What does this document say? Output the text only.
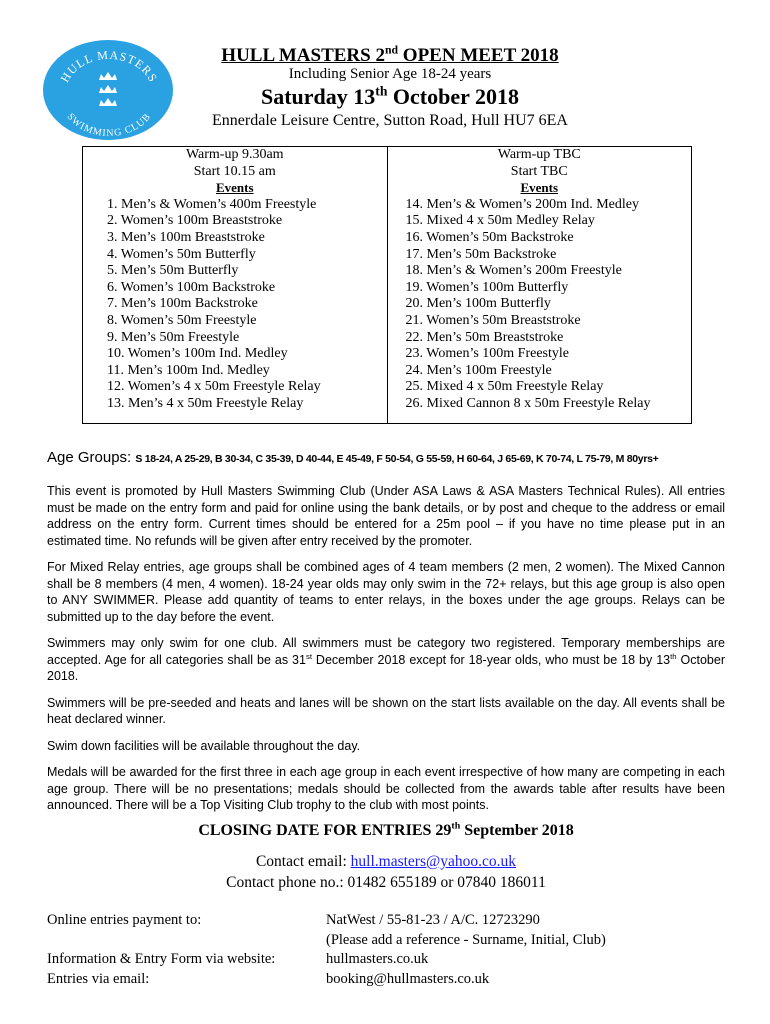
HULL MASTERS
SWIMMING CLUB
HULL MASTERS 2nd OPEN MEET 2018
Including Senior Age 18-24 years
Saturday 13th October 2018
Ennerdale Leisure Centre, Sutton Road, Hull HU7 6EA
Warm-up 9.30am
Start 10.15 am
Events
1. Men’s & Women’s 400m Freestyle
2. Women’s 100m Breaststroke
3. Men’s 100m Breaststroke
4. Women’s 50m Butterfly
5. Men’s 50m Butterfly
6. Women’s 100m Backstroke
7. Men’s 100m Backstroke
8. Women’s 50m Freestyle
9. Men’s 50m Freestyle
10. Women’s 100m Ind. Medley
11. Men’s 100m Ind. Medley
12. Women’s 4 x 50m Freestyle Relay
13. Men’s 4 x 50m Freestyle Relay
Warm-up TBC
Start TBC
Events
14. Men’s & Women’s 200m Ind. Medley
15. Mixed 4 x 50m Medley Relay
16. Women’s 50m Backstroke
17. Men’s 50m Backstroke
18. Men’s & Women’s 200m Freestyle
19. Women’s 100m Butterfly
20. Men’s 100m Butterfly
21. Women’s 50m Breaststroke
22. Men’s 50m Breaststroke
23. Women’s 100m Freestyle
24. Men’s 100m Freestyle
25. Mixed 4 x 50m Freestyle Relay
26. Mixed Cannon 8 x 50m Freestyle Relay
Age Groups: S 18-24, A 25-29, B 30-34, C 35-39, D 40-44, E 45-49, F 50-54, G 55-59, H 60-64, J 65-69, K 70-74, L 75-79, M 80yrs+

This event is promoted by Hull Masters Swimming Club (Under ASA Laws & ASA Masters Technical Rules). All entries must be made on the entry form and paid for online using the bank details, or by post and cheque to the address or email address on the entry form. Current times should be entered for a 25m pool – if you have no time please put in an estimated time. No refunds will be given after entry received by the promoter.

For Mixed Relay entries, age groups shall be combined ages of 4 team members (2 men, 2 women). The Mixed Cannon shall be 8 members (4 men, 4 women). 18-24 year olds may only swim in the 72+ relays, but this age group is also open to ANY SWIMMER. Please add quantity of teams to enter relays, in the boxes under the age groups. Relays can be submitted up to the day before the event.

Swimmers may only swim for one club. All swimmers must be category two registered. Temporary memberships are accepted. Age for all categories shall be as 31st December 2018 except for 18-year olds, who must be 18 by 13th October 2018.

Swimmers will be pre-seeded and heats and lanes will be shown on the start lists available on the day. All events shall be heat declared winner.

Swim down facilities will be available throughout the day.

Medals will be awarded for the first three in each age group in each event irrespective of how many are competing in each age group. There will be no presentations; medals should be collected from the awards table after results have been announced. There will be a Top Visiting Club trophy to the club with most points.

CLOSING DATE FOR ENTRIES 29th September 2018
Contact email: hull.masters@yahoo.co.uk
Contact phone no.: 01482 655189 or 07840 186011
Online entries payment to:	NatWest / 55-81-23 / A/C. 12723290
(Please add a reference - Surname, Initial, Club)
Information & Entry Form via website:	hullmasters.co.uk
Entries via email:	booking@hullmasters.co.uk
